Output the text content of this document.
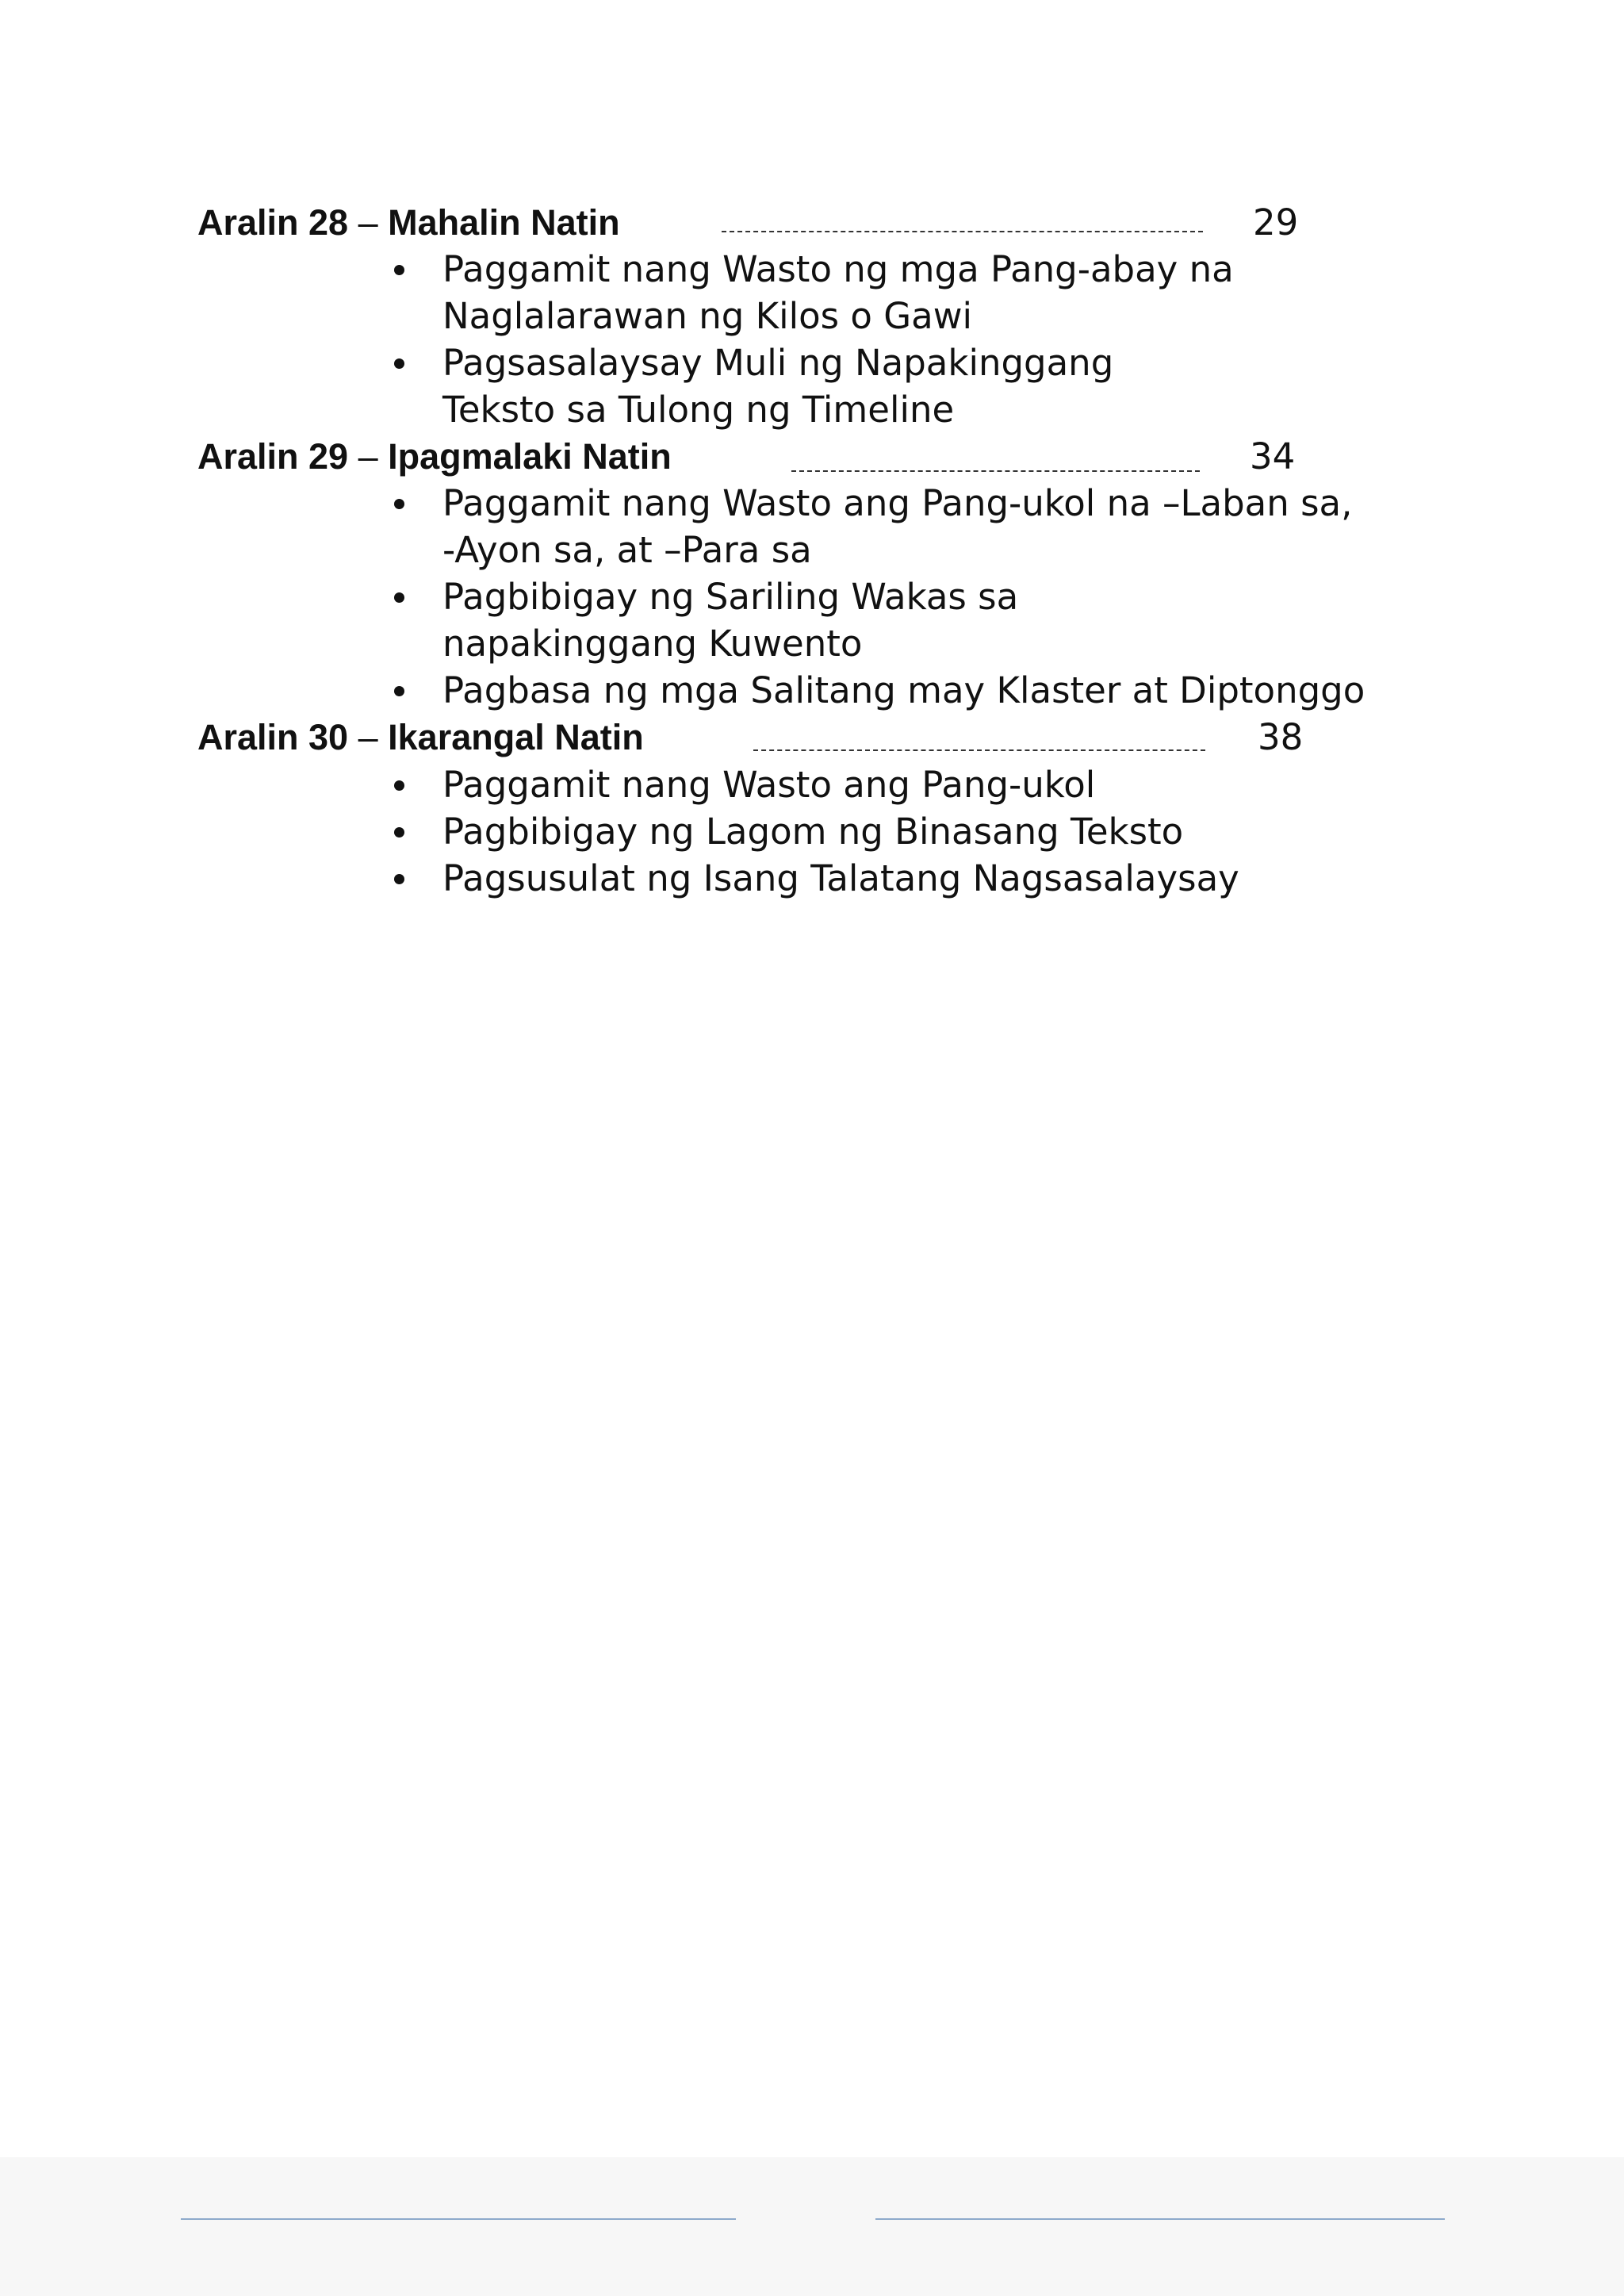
Aralin 28 – Mahalin Natin	29
Paggamit nang Wasto ng mga Pang-abay na
Naglalarawan ng Kilos o Gawi
Pagsasalaysay Muli ng Napakinggang
Teksto sa Tulong ng Timeline
Aralin 29 – Ipagmalaki Natin	34
Paggamit nang Wasto ang Pang-ukol na –Laban sa,
-Ayon sa, at –Para sa
Pagbibigay ng Sariling Wakas sa
napakinggang Kuwento
Pagbasa ng mga Salitang may Klaster at Diptonggo
Aralin 30 – Ikarangal Natin	38
Paggamit nang Wasto ang Pang-ukol
Pagbibigay ng Lagom ng Binasang Teksto
Pagsusulat ng Isang Talatang Nagsasalaysay
